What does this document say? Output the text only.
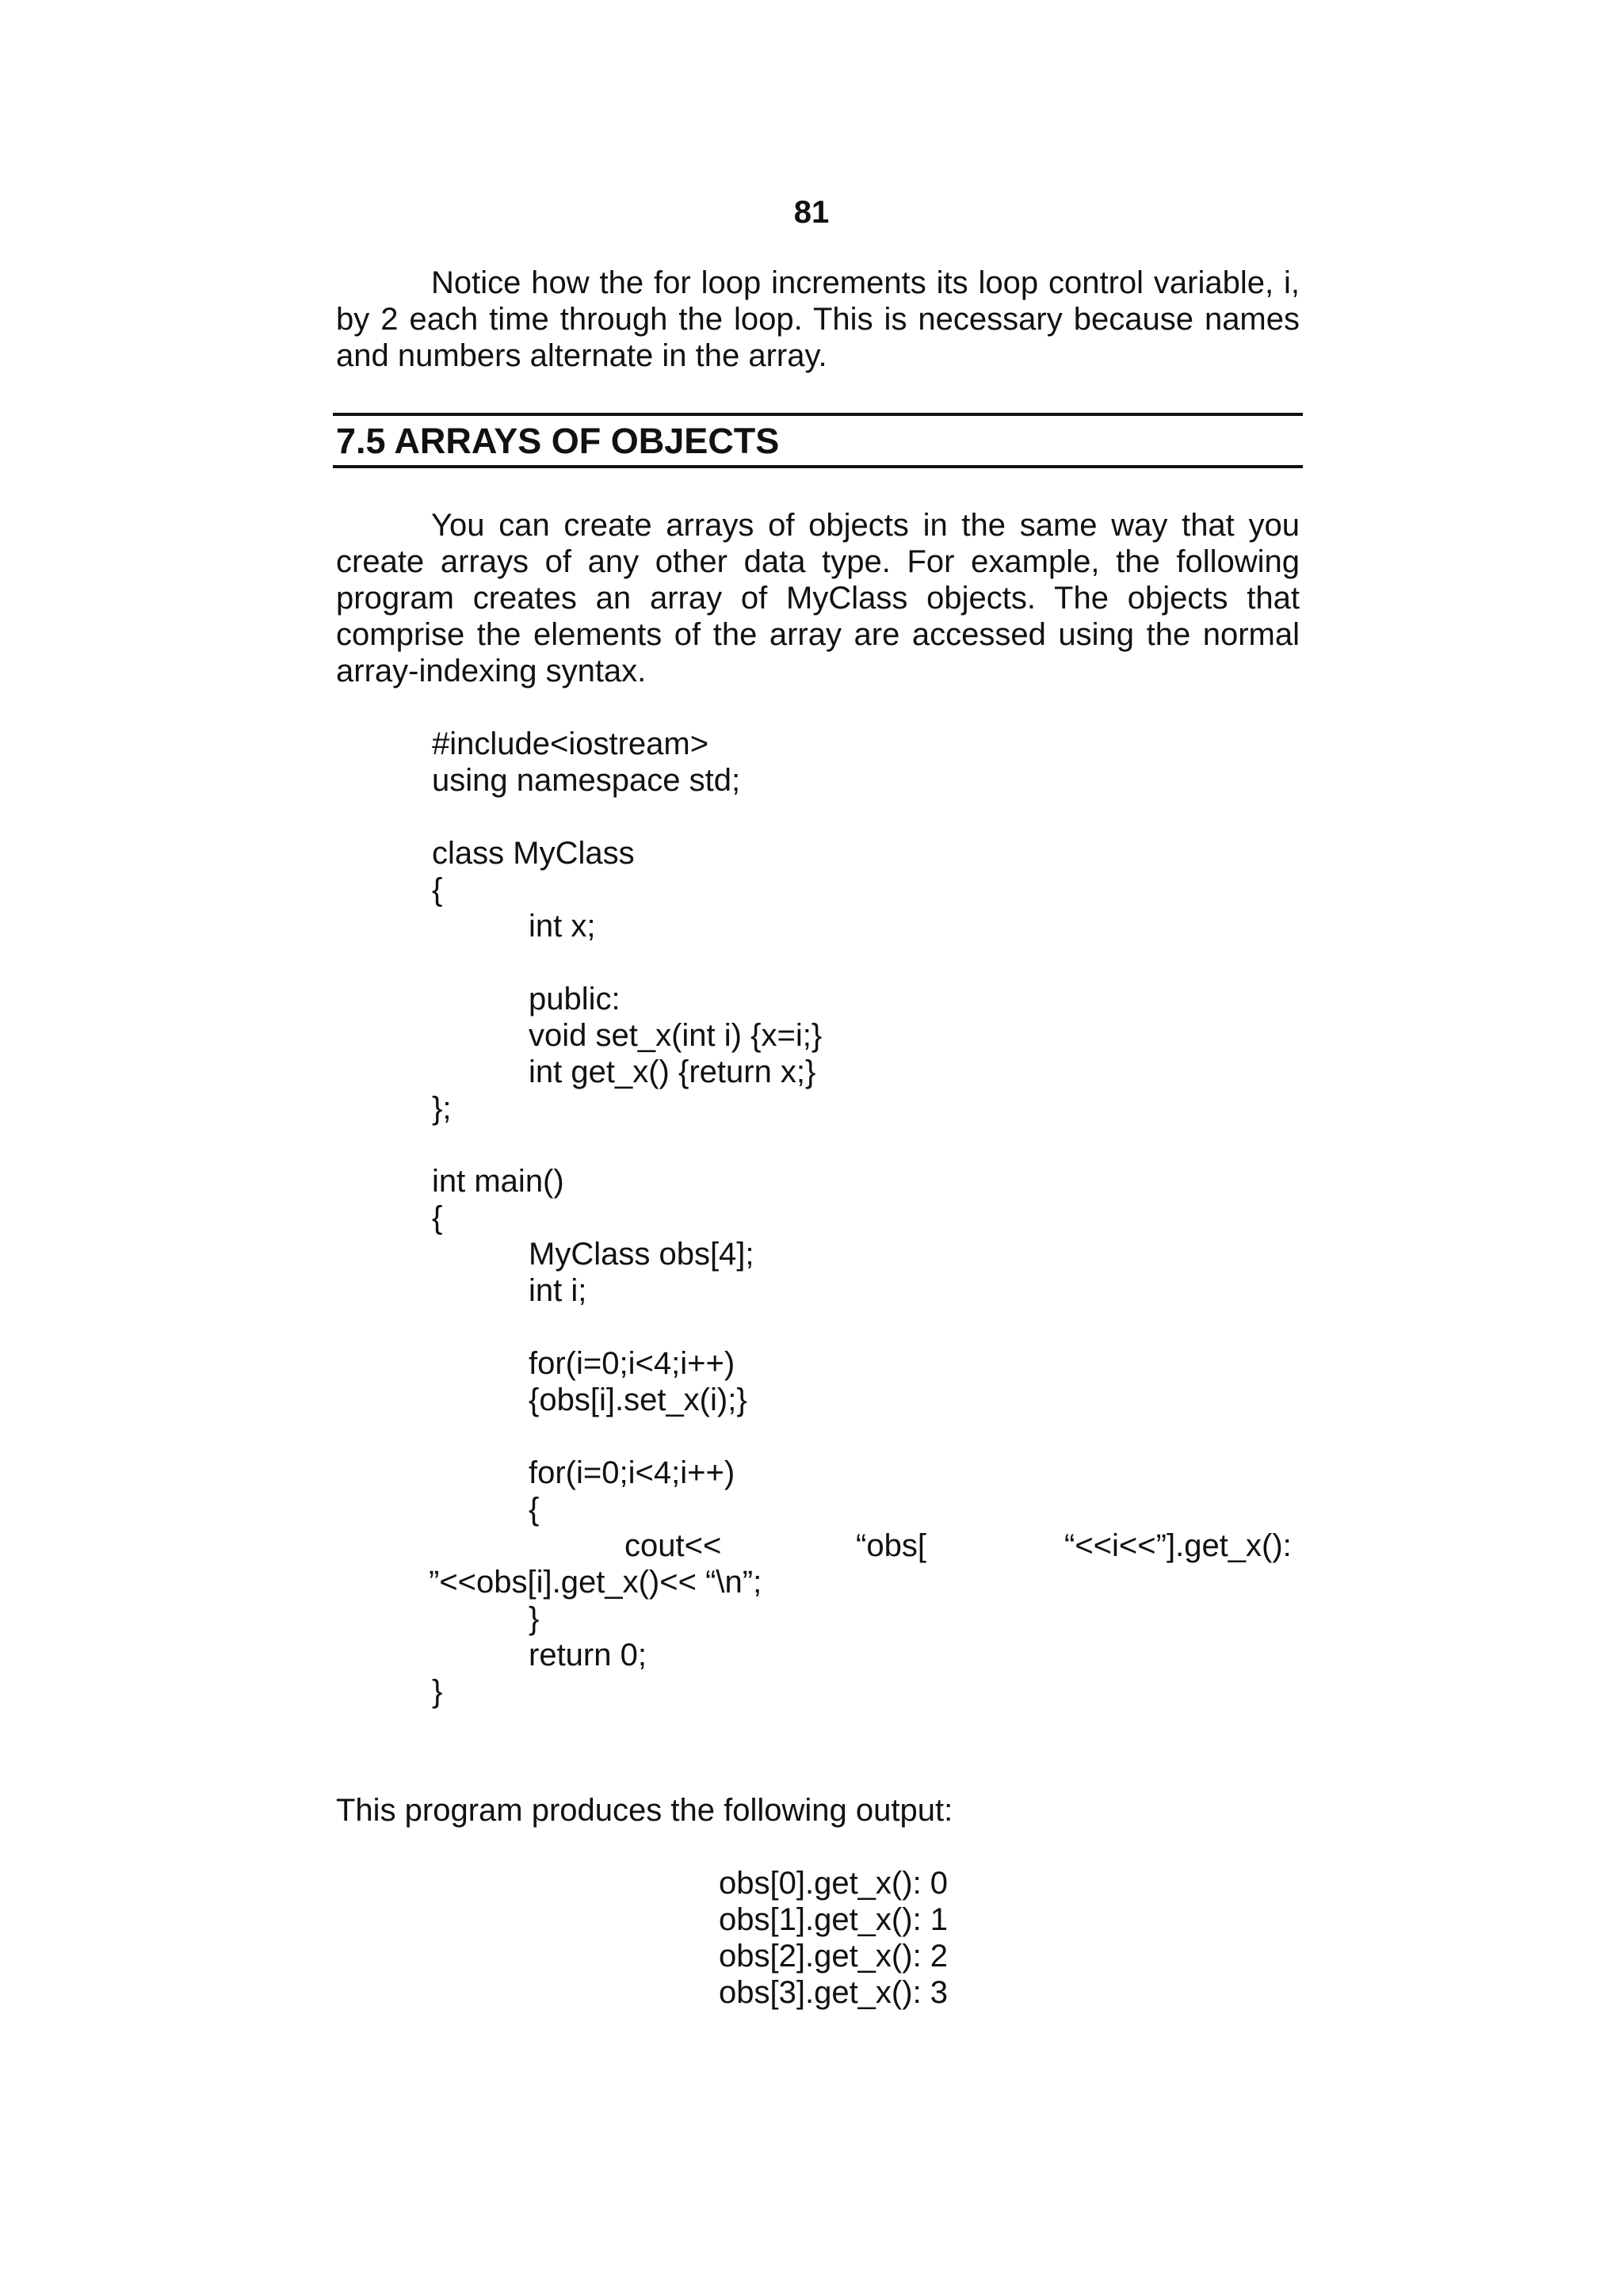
81

Notice how the for loop increments its loop control variable, i, by 2 each time through the loop. This is necessary because names and numbers alternate in the array.

7.5 ARRAYS OF OBJECTS

You can create arrays of objects in the same way that you create arrays of any other data type. For example, the following program creates an array of MyClass objects. The objects that comprise the elements of the array are accessed using the normal array-indexing syntax.

#include<iostream>
using namespace std;
class MyClass
{
int x;
public:
void set_x(int i) {x=i;}
int get_x() {return x;}
};
int main()
{
MyClass obs[4];
int i;
for(i=0;i<4;i++)
{obs[i].set_x(i);}
for(i=0;i<4;i++)
{
cout<<	“obs[	“<<i<<”].get_x():
”<<obs[i].get_x()<< “\n”;
}
return 0;
}
This program produces the following output:
obs[0].get_x(): 0
obs[1].get_x(): 1
obs[2].get_x(): 2
obs[3].get_x(): 3
